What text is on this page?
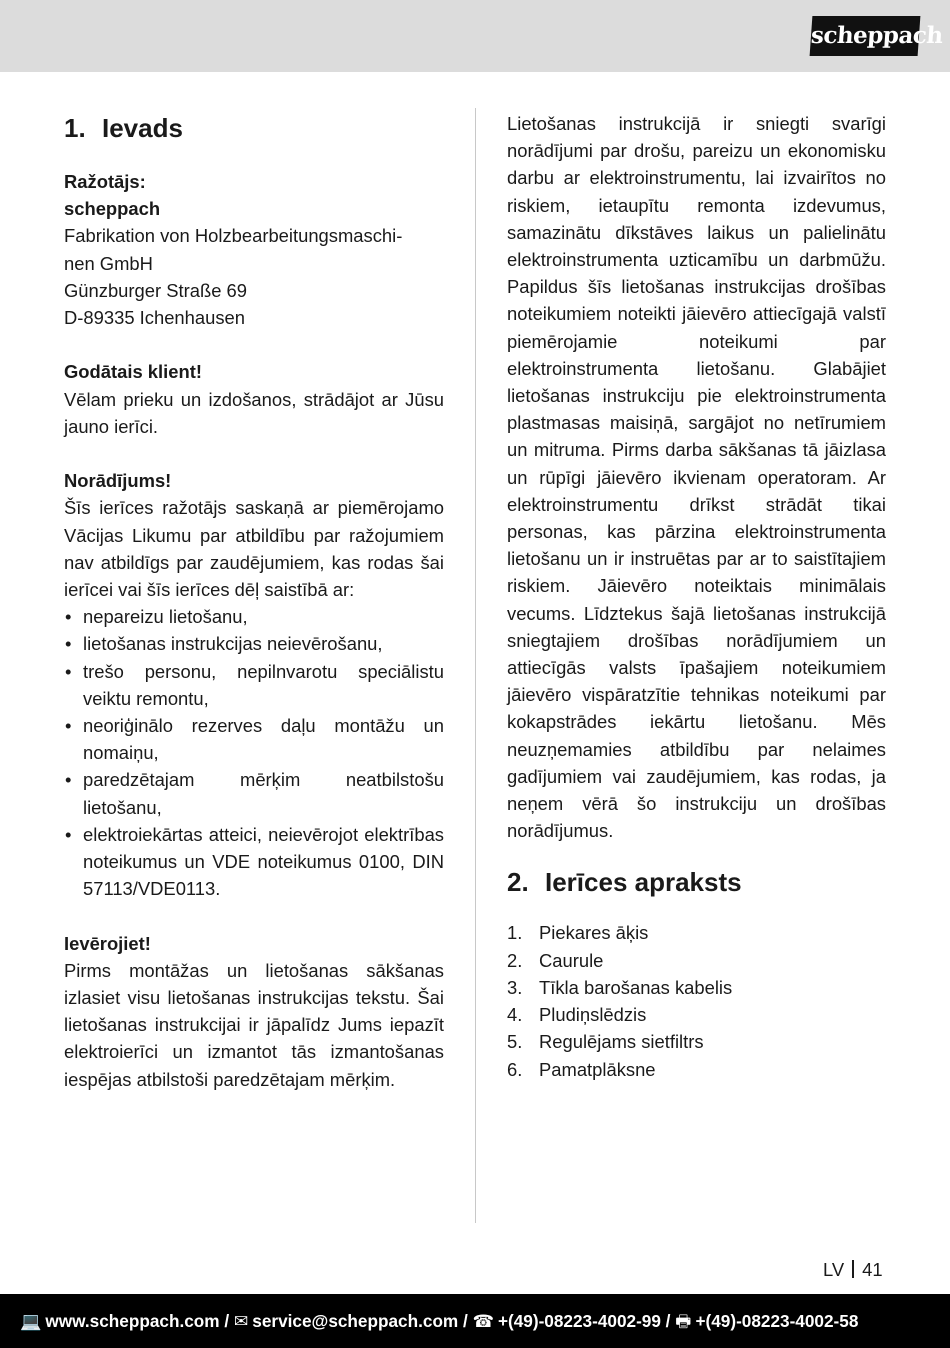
scheppach
1. Ievads

Ražotājs:

scheppach

Fabrikation von Holzbearbeitungsmaschi-

nen GmbH

Günzburger Straße 69

D-89335 Ichenhausen

Godātais klient!

Vēlam prieku un izdošanos, strādājot ar Jūsu jauno ierīci.

Norādījums!

Šīs ierīces ražotājs saskaņā ar piemērojamo Vācijas Likumu par atbildību par ražojumiem nav atbildīgs par zaudējumiem, kas rodas šai ierīcei vai šīs ierīces dēļ saistībā ar:

• nepareizu lietošanu,
• lietošanas instrukcijas neievērošanu,
• trešo personu, nepilnvarotu speciālistu veiktu remontu,
• neoriģinālo rezerves daļu montāžu un nomaiņu,
• paredzētajam mērķim neatbilstošu lietošanu,
• elektroiekārtas atteici, neievērojot elektrības noteikumus un VDE noteikumus 0100, DIN 57113/VDE0113.

Ievērojiet!

Pirms montāžas un lietošanas sākšanas izlasiet visu lietošanas instrukcijas tekstu. Šai lietošanas instrukcijai ir jāpalīdz Jums iepazīt elektroierīci un izmantot tās izmantošanas iespējas atbilstoši paredzētajam mērķim.

Lietošanas instrukcijā ir sniegti svarīgi norādījumi par drošu, pareizu un ekonomisku darbu ar elektroinstrumentu, lai izvairītos no riskiem, ietaupītu remonta izdevumus, samazinātu dīkstāves laikus un palielinātu elektroinstrumenta uzticamību un darbmūžu. Papildus šīs lietošanas instrukcijas drošības noteikumiem noteikti jāievēro attiecīgajā valstī piemērojamie noteikumi par elektroinstrumenta lietošanu. Glabājiet lietošanas instrukciju pie elektroinstrumenta plastmasas maisiņā, sargājot no netīrumiem un mitruma. Pirms darba sākšanas tā jāizlasa un rūpīgi jāievēro ikvienam operatoram. Ar elektroinstrumentu drīkst strādāt tikai personas, kas pārzina elektroinstrumenta lietošanu un ir instruētas par ar to saistītajiem riskiem. Jāievēro noteiktais minimālais vecums. Līdztekus šajā lietošanas instrukcijā sniegtajiem drošības norādījumiem un attiecīgās valsts īpašajiem noteikumiem jāievēro vispāratzītie tehnikas noteikumi par kokapstrādes iekārtu lietošanu. Mēs neuzņemamies atbildību par nelaimes gadījumiem vai zaudējumiem, kas rodas, ja neņem vērā šo instrukciju un drošības norādījumus.

2. Ierīces apraksts
1. Piekares āķis
2. Caurule
3. Tīkla barošanas kabelis
4. Pludiņslēdzis
5. Regulējams sietfiltrs
6. Pamatplāksne
LV 41
💻 www.scheppach.com / ✉ service@scheppach.com / ☎ +(49)-08223-4002-99 / 🖶 +(49)-08223-4002-58
